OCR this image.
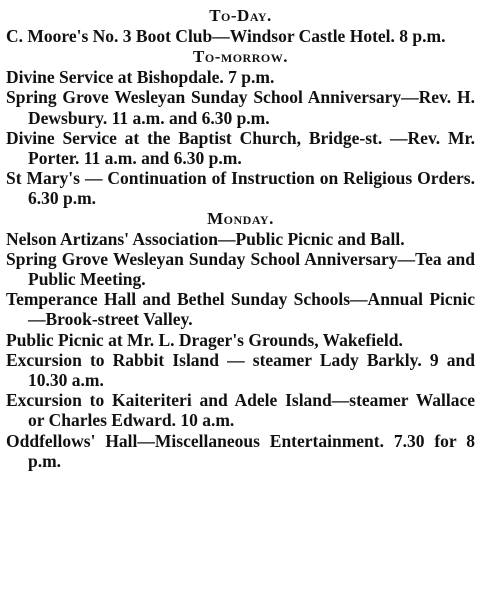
To-Day.

C. Moore's No. 3 Boot Club—Windsor Castle Hotel. 8 p.m.

To-morrow.

Divine Service at Bishopdale. 7 p.m.

Spring Grove Wesleyan Sunday School Anniversary—Rev. H. Dewsbury. 11 a.m. and 6.30 p.m.

Divine Service at the Baptist Church, Bridge-st. —Rev. Mr. Porter. 11 a.m. and 6.30 p.m.

St Mary's — Continuation of Instruction on Religious Orders. 6.30 p.m.

Monday.

Nelson Artizans' Association—Public Picnic and Ball.

Spring Grove Wesleyan Sunday School Anniversary—Tea and Public Meeting.

Temperance Hall and Bethel Sunday Schools—Annual Picnic—Brook-street Valley.

Public Picnic at Mr. L. Drager's Grounds, Wakefield.

Excursion to Rabbit Island — steamer Lady Barkly. 9 and 10.30 a.m.

Excursion to Kaiteriteri and Adele Island—steamer Wallace or Charles Edward. 10 a.m.

Oddfellows' Hall—Miscellaneous Entertainment. 7.30 for 8 p.m.
